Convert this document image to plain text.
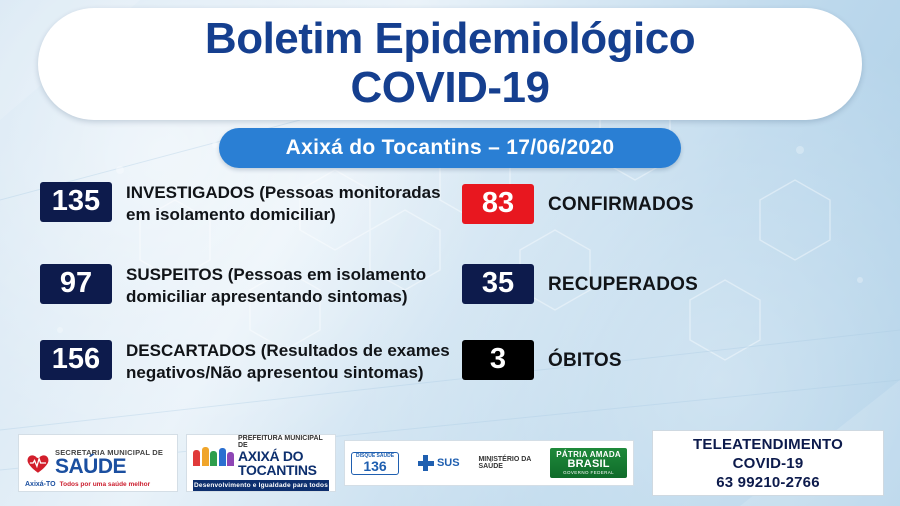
Boletim Epidemiológico
COVID-19
Axixá do Tocantins – 17/06/2020
135	INVESTIGADOS (Pessoas monitoradas em isolamento domiciliar)
97	SUSPEITOS (Pessoas em isolamento domiciliar apresentando sintomas)
156	DESCARTADOS (Resultados de exames negativos/Não apresentou sintomas)
83	CONFIRMADOS
35	RECUPERADOS
3	ÓBITOS
SECRETARIA MUNICIPAL DE
SAÚDE
Axixá-TO Todos por uma saúde melhor
PREFEITURA MUNICIPAL DE
AXIXÁ DO TOCANTINS
Desenvolvimento e Igualdade para todos
DISQUE SAÚDE
136	SUS	MINISTÉRIO DA
SAÚDE
PÁTRIA AMADA
BRASIL
GOVERNO FEDERAL
TELEATENDIMENTO
COVID-19
63 99210-2766
